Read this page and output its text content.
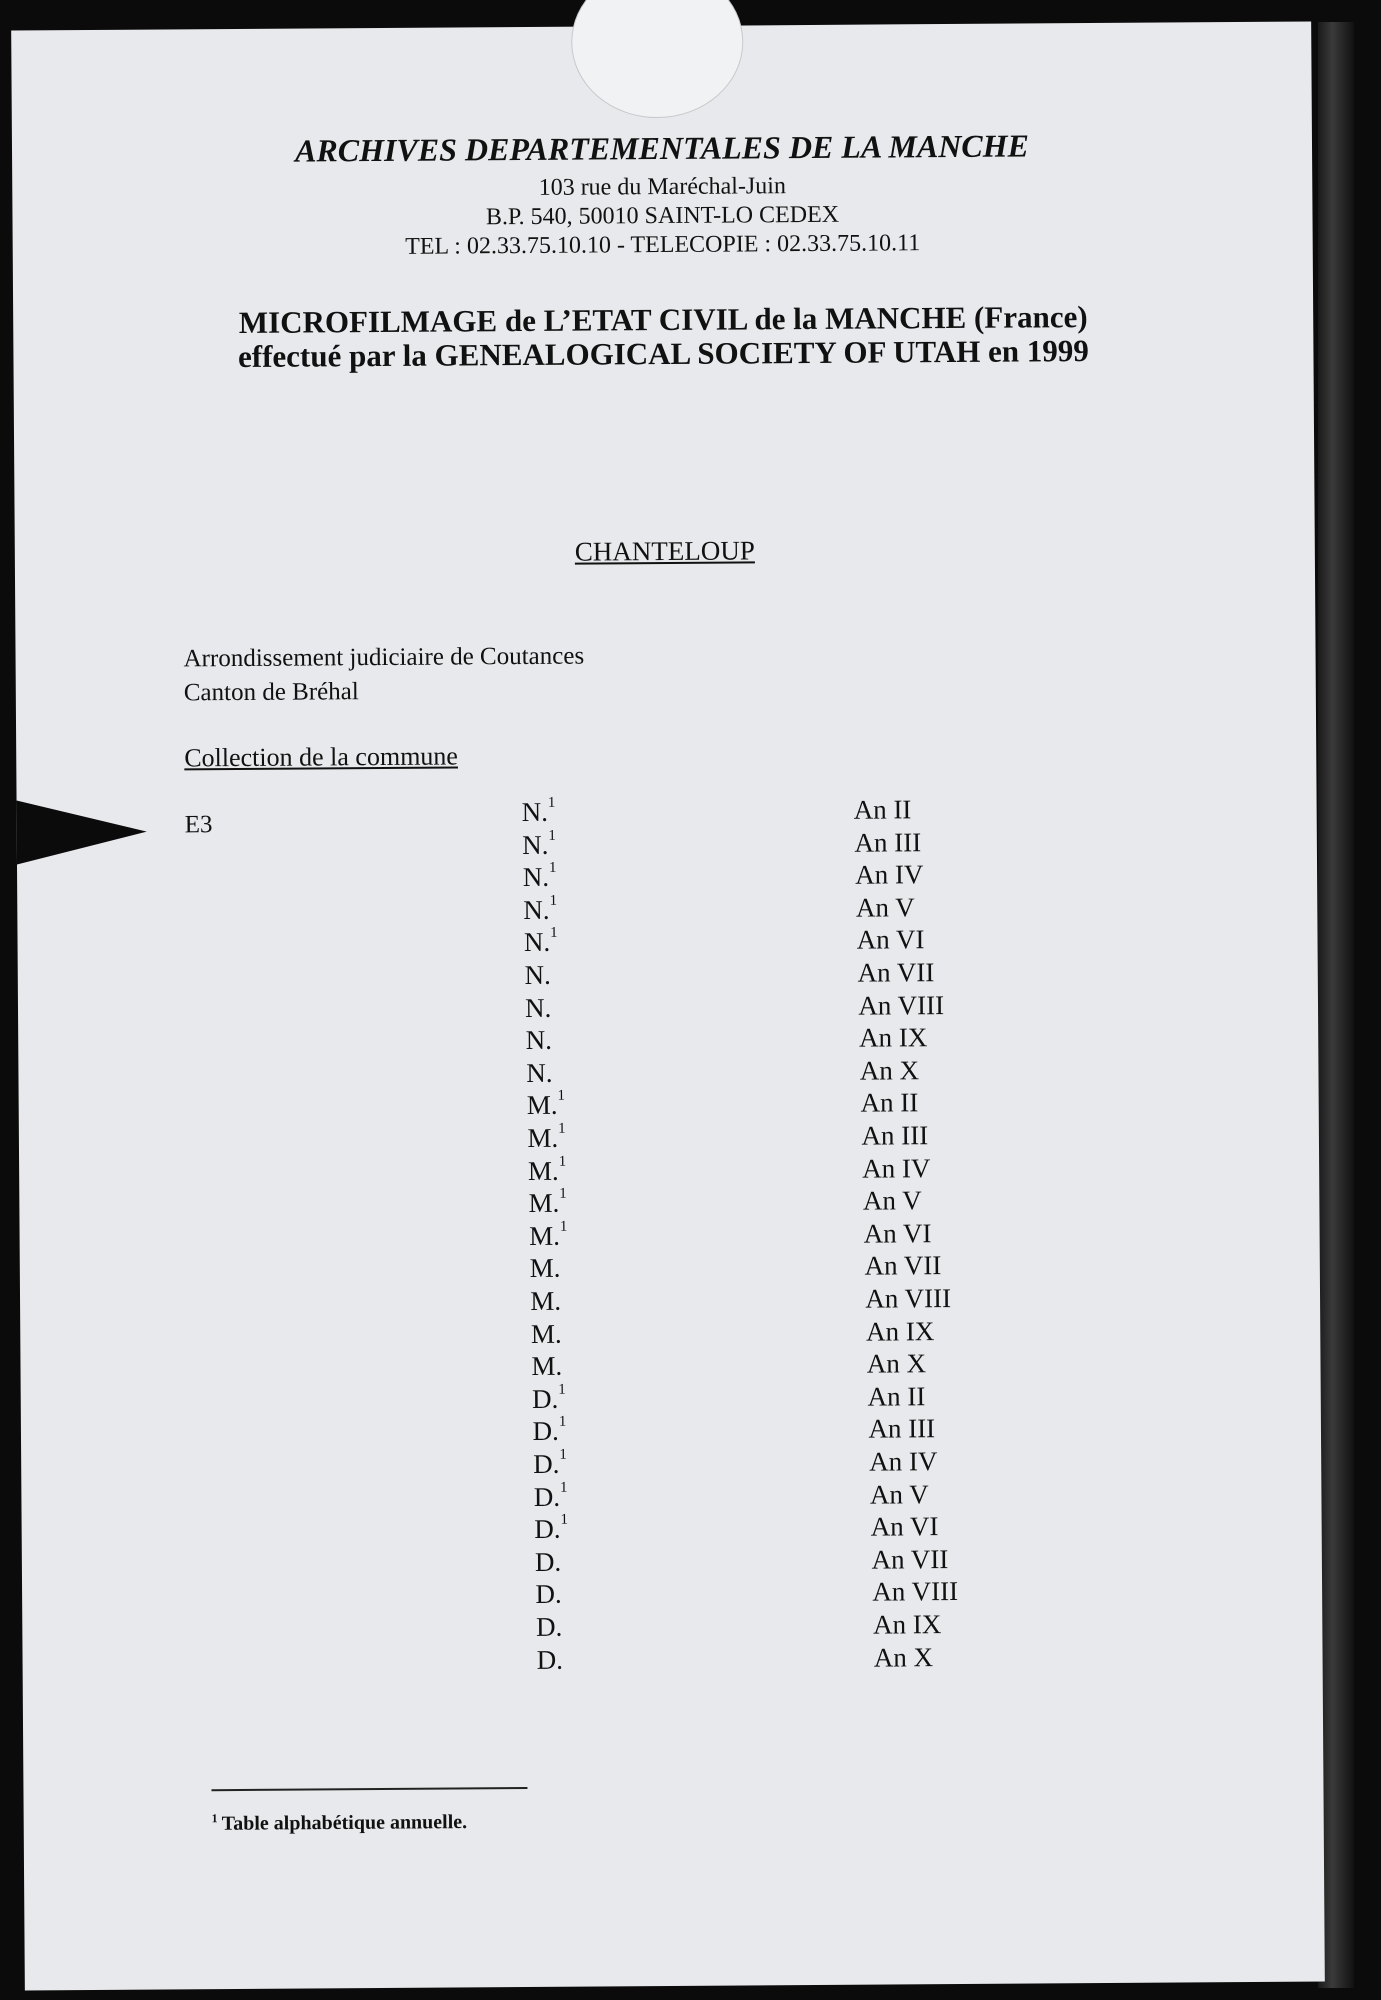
ARCHIVES DEPARTEMENTALES DE LA MANCHE
103 rue du Maréchal-Juin
B.P. 540, 50010 SAINT-LO CEDEX
TEL : 02.33.75.10.10 - TELECOPIE : 02.33.75.10.11
MICROFILMAGE de L’ETAT CIVIL de la MANCHE (France)
effectué par la GENEALOGICAL SOCIETY OF UTAH en 1999
CHANTELOUP
Arrondissement judiciaire de Coutances
Canton de Bréhal
Collection de la commune
E3	N.$^1$	An II
N.$^1$	An III
N.$^1$	An IV
N.$^1$	An V
N.$^1$	An VI
N.	An VII
N.	An VIII
N.	An IX
N.	An X
M.$^1$	An II
M.$^1$	An III
M.$^1$	An IV
M.$^1$	An V
M.$^1$	An VI
M.	An VII
M.	An VIII
M.	An IX
M.	An X
D.$^1$	An II
D.$^1$	An III
D.$^1$	An IV
D.$^1$	An V
D.$^1$	An VI
D.	An VII
D.	An VIII
D.	An IX
D.	An X
$^1$ Table alphabétique annuelle.
